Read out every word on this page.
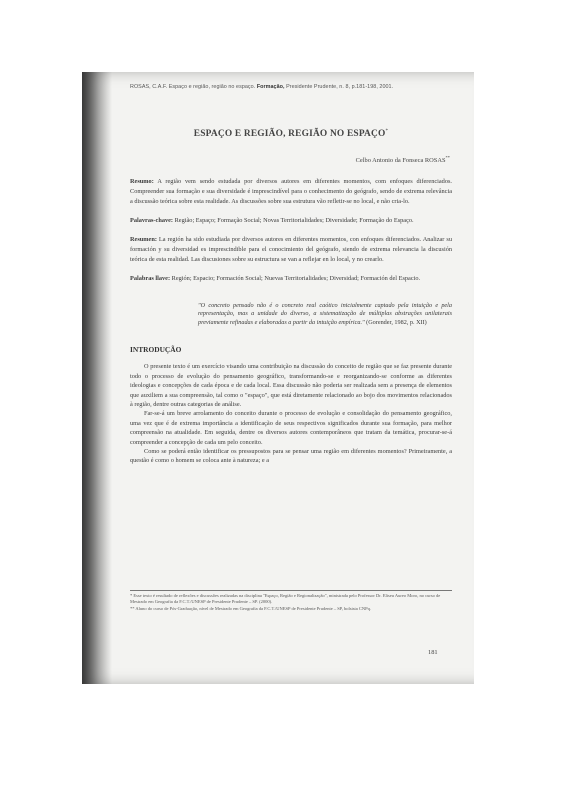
ROSAS, C.A.F. Espaço e região, região no espaço. Formação, Presidente Prudente, n. 8, p.181-198, 2001.
ESPAÇO E REGIÃO, REGIÃO NO ESPAÇO*
Celbo Antonio da Fonseca ROSAS**
Resumo: A região vem sendo estudada por diversos autores em diferentes momentos, com enfoques diferenciados. Compreender sua formação e sua diversidade é imprescindível para o conhecimento do geógrafo, sendo de extrema relevância a discussão teórica sobre esta realidade. As discussões sobre sua estrutura vão refletir-se no local, e não cria-lo.
Palavras-chave: Região; Espaço; Formação Social; Novas Territorialidades; Diversidade; Formação do Espaço.
Resumen: La región ha sido estudiada por diversos autores en diferentes momentos, con enfoques diferenciados. Analizar su formación y su diversidad es imprescindible para el conocimiento del geógrafo, siendo de extrema relevancia la discusión teórica de esta realidad. Las discusiones sobre su estructura se van a reflejar en lo local, y no crearlo.
Palabras llave: Región; Espacio; Formación Social; Nuevas Territorialidades; Diversidad; Formación del Espacio.
"O concreto pensado não é o concreto real caótico inicialmente captado pela intuição e pela representação, mas a unidade do diverso, a sistematização de múltiplas abstrações unilaterais previamente refinadas e elaboradas a partir da intuição empírica." (Gorender, 1982, p. XII)
INTRODUÇÃO

O presente texto é um exercício visando uma contribuição na discussão do conceito de região que se faz presente durante todo o processo de evolução do pensamento geográfico, transformando-se e reorganizando-se conforme as diferentes ideologias e concepções de cada época e de cada local. Essa discussão não poderia ser realizada sem a presença de elementos que auxiliem a sua compreensão, tal como o "espaço", que está diretamente relacionado ao bojo dos movimentos relacionados à região, dentre outras categorias de análise.

Far-se-á um breve arrolamento do conceito durante o processo de evolução e consolidação do pensamento geográfico, uma vez que é de extrema importância a identificação de seus respectivos significados durante sua formação, para melhor compreensão na atualidade. Em seguida, dentre os diversos autores contemporâneos que tratam da temática, procurar-se-á compreender a concepção de cada um pelo conceito.

Como se poderá então identificar os pressupostos para se pensar uma região em diferentes momentos? Primeiramente, a questão é como o homem se coloca ante à natureza; e a

* Esse texto é resultado de reflexões e discussões realizadas na disciplina "Espaço, Região e Regionalização", ministrada pelo Professor Dr. Eliseu Aureo Moro, no curso de Mestrado em Geografia da F.C.T./UNESP de Presidente Prudente – SP. (2000).

** Aluno do curso de Pós-Graduação, nível de Mestrado em Geografia da F.C.T./UNESP de Presidente Prudente – SP, bolsista CNPq.

181
